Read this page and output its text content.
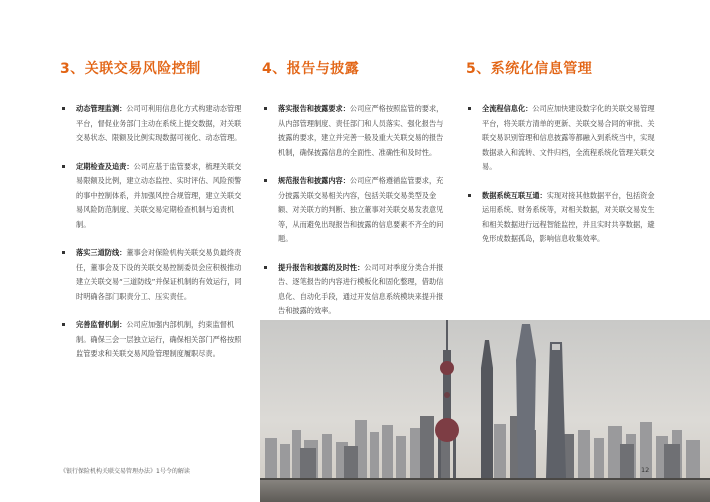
3、关联交易风险控制
动态管理监测：公司可利用信息化方式构建动态管理平台，督促业务部门主动在系统上提交数据，对关联交易状态、限额及比例实现数据可视化、动态管理。
定期检查及追责：公司应基于监管要求，梳理关联交易限额及比例，建立动态监控、实时评估、风险预警的事中控制体系，并加强风控合规管理，建立关联交易风险防范制度、关联交易定期检查机制与追责机制。
落实三道防线：董事会对保险机构关联交易负最终责任，董事会及下设的关联交易控制委员会应积极推动建立关联交易“三道防线”并保证机制的有效运行，同时明确各部门职责分工、压实责任。
完善监督机制：公司应加强内部机制，约束监督机制。确保三会一层独立运行，确保相关部门严格按照监管要求和关联交易风险管理制度履职尽责。
4、报告与披露
落实报告和披露要求：公司应严格按照监管的要求，从内部管理制度、责任部门和人员落实、强化报告与披露的要求，建立并完善一般及重大关联交易的报告机制，确保披露信息的全面性、准确性和及时性。
规范报告和披露内容：公司应严格遵循监管要求，充分披露关联交易相关内容，包括关联交易类型及金额、对关联方的判断、独立董事对关联交易发表意见等，从而避免出现报告和披露的信息要素不齐全的问题。
提升报告和披露的及时性：公司可对季度分类合并报告、逐笔报告的内容进行模板化和固化整理，借助信息化、自动化手段，通过开发信息系统模块来提升报告和披露的效率。
5、系统化信息管理
全流程信息化：公司应加快建设数字化的关联交易管理平台，将关联方清单的更新、关联交易合同的审批、关联交易识别管理和信息披露等都融入到系统当中，实现数据录入和流转、文件归档，全流程系统化管理关联交易。
数据系统互联互通：实现对接其他数据平台，包括资金运用系统、财务系统等，对相关数据，对关联交易发生和相关数据进行远程智能监控，并且实时共享数据，避免形成数据孤岛，影响信息收集效率。
《银行保险机构关联交易管理办法》1号令的解读	12
